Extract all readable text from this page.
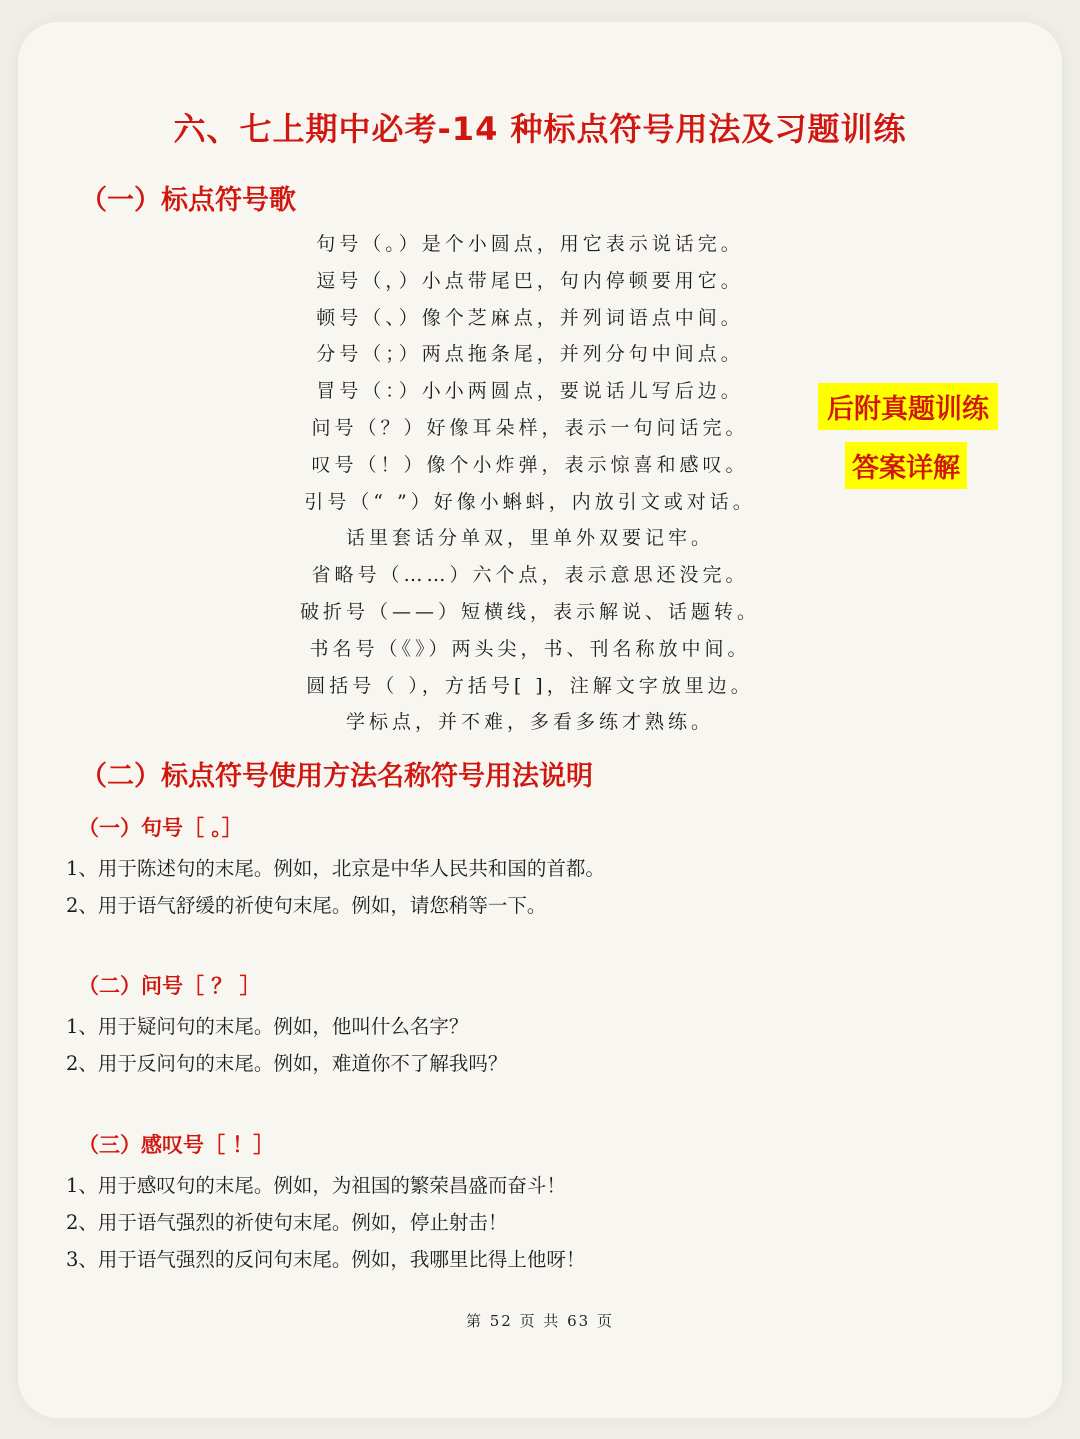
六、七上期中必考-14 种标点符号用法及习题训练
（一）标点符号歌
句号（。）是个小圆点，用它表示说话完。
逗号（，）小点带尾巴，句内停顿要用它。
顿号（、）像个芝麻点，并列词语点中间。
分号（；）两点拖条尾，并列分句中间点。
冒号（：）小小两圆点，要说话儿写后边。
问号（？）好像耳朵样，表示一句问话完。
叹号（！）像个小炸弹，表示惊喜和感叹。
引号（“ ”）好像小蝌蚪，内放引文或对话。
话里套话分单双，里单外双要记牢。
省略号（……）六个点，表示意思还没完。
破折号（——）短横线，表示解说、话题转。
书名号（《》）两头尖，书、刊名称放中间。
圆括号（ ），方括号[ ]，注解文字放里边。
学标点，并不难，多看多练才熟练。
后附真题训练
答案详解
（二）标点符号使用方法名称符号用法说明
（一）句号［ 。］
1、用于陈述句的末尾。例如，北京是中华人民共和国的首都。
2、用于语气舒缓的祈使句末尾。例如，请您稍等一下。
（二）问号［ ？ ］
1、用于疑问句的末尾。例如，他叫什么名字？
2、用于反问句的末尾。例如，难道你不了解我吗？
（三）感叹号［ ！］
1、用于感叹句的末尾。例如，为祖国的繁荣昌盛而奋斗！
2、用于语气强烈的祈使句末尾。例如，停止射击！
3、用于语气强烈的反问句末尾。例如，我哪里比得上他呀！
第 52 页 共 63 页
